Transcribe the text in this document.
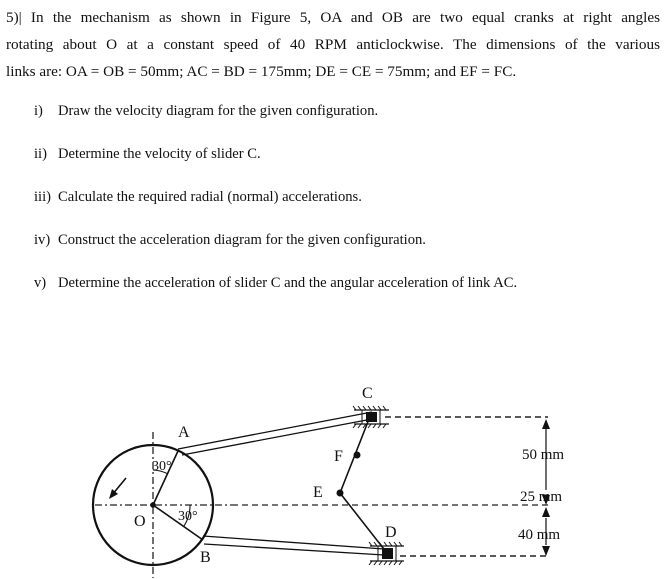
5)| In the mechanism as shown in Figure 5, OA and OB are two equal cranks at right angles
rotating about O at a constant speed of 40 RPM anticlockwise. The dimensions of the various
links are: OA = OB = 50mm; AC = BD = 175mm; DE = CE = 75mm; and EF = FC.
i) Draw the velocity diagram for the given configuration.
ii) Determine the velocity of slider C.
iii) Calculate the required radial (normal) accelerations.
iv) Construct the acceleration diagram for the given configuration.
v) Determine the acceleration of slider C and the angular acceleration of link AC.
A
B
C
D
E
F
O
30°
30°
50 mm
25 mm
40 mm
